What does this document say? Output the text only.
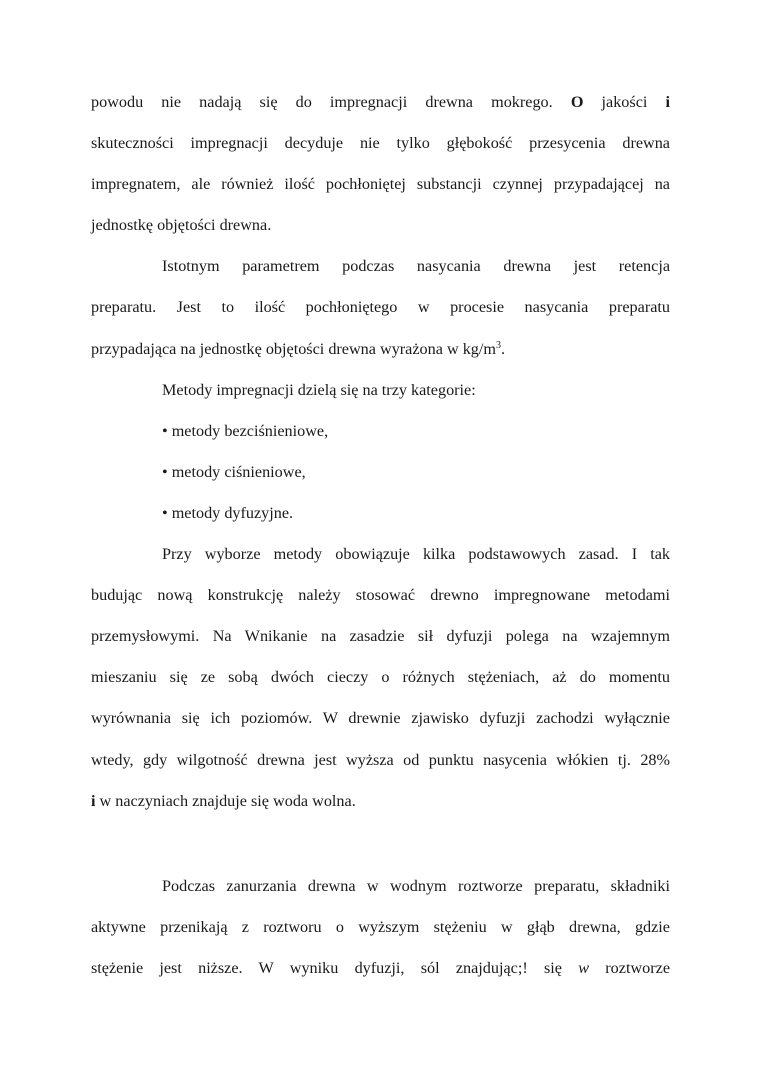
powodu nie nadają się do impregnacji drewna mokrego. O jakości i
skuteczności impregnacji decyduje nie tylko głębokość przesycenia drewna
impregnatem, ale również ilość pochłoniętej substancji czynnej przypadającej na
jednostkę objętości drewna.
Istotnym parametrem podczas nasycania drewna jest retencja
preparatu. Jest to ilość pochłoniętego w procesie nasycania preparatu
przypadająca na jednostkę objętości drewna wyrażona w $kg/m^3$.
Metody impregnacji dzielą się na trzy kategorie:
• metody bezciśnieniowe,
• metody ciśnieniowe,
• metody dyfuzyjne.
Przy wyborze metody obowiązuje kilka podstawowych zasad. I tak
budując nową konstrukcję należy stosować drewno impregnowane metodami
przemysłowymi. Na Wnikanie na zasadzie sił dyfuzji polega na wzajemnym
mieszaniu się ze sobą dwóch cieczy o różnych stężeniach, aż do momentu
wyrównania się ich poziomów. W drewnie zjawisko dyfuzji zachodzi wyłącznie
wtedy, gdy wilgotność drewna jest wyższa od punktu nasycenia włókien tj. 28%
i w naczyniach znajduje się woda wolna.
Podczas zanurzania drewna w wodnym roztworze preparatu, składniki
aktywne przenikają z roztworu o wyższym stężeniu w głąb drewna, gdzie
stężenie jest niższe. W wyniku dyfuzji, sól znajdując;! się w roztworze
